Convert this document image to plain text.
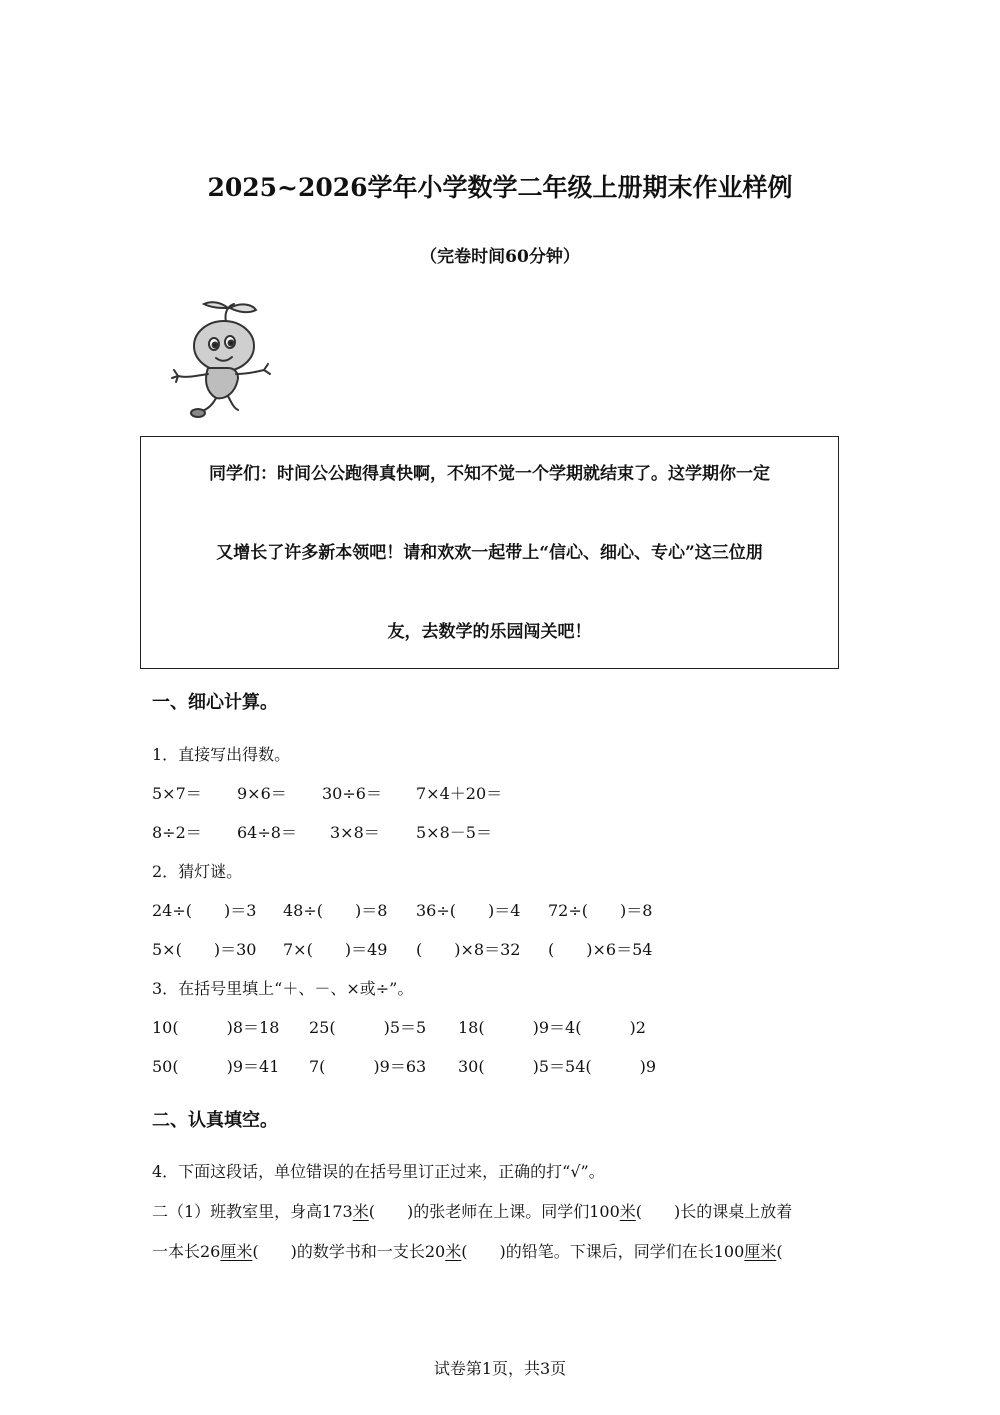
2025~2026学年小学数学二年级上册期末作业样例
（完卷时间60分钟）
同学们：时间公公跑得真快啊，不知不觉一个学期就结束了。这学期你一定
又增长了许多新本领吧！请和欢欢一起带上“信心、细心、专心”这三位朋
友，去数学的乐园闯关吧！
一、细心计算。
1．直接写出得数。
5×7＝ 9×6＝ 30÷6＝ 7×4＋20＝
8÷2＝ 64÷8＝ 3×8＝ 5×8－5＝
2．猜灯谜。
24÷(　　)＝3 48÷(　　)＝8 36÷(　　)＝4 72÷(　　)＝8
5×(　　)＝30 7×(　　)＝49 (　　)×8＝32 (　　)×6＝54
3．在括号里填上“＋、－、×或÷”。
10(　　　)8＝18 25(　　　)5＝5 18(　　　)9＝4(　　　)2
50(　　　)9＝41 7(　　　)9＝63 30(　　　)5＝54(　　　)9
二、认真填空。
4．下面这段话，单位错误的在括号里订正过来，正确的打“√”。
二（1）班教室里，身高173米(　　)的张老师在上课。同学们100米(　　)长的课桌上放着
一本长26厘米(　　)的数学书和一支长20米(　　)的铅笔。下课后，同学们在长100厘米(
试卷第1页，共3页
